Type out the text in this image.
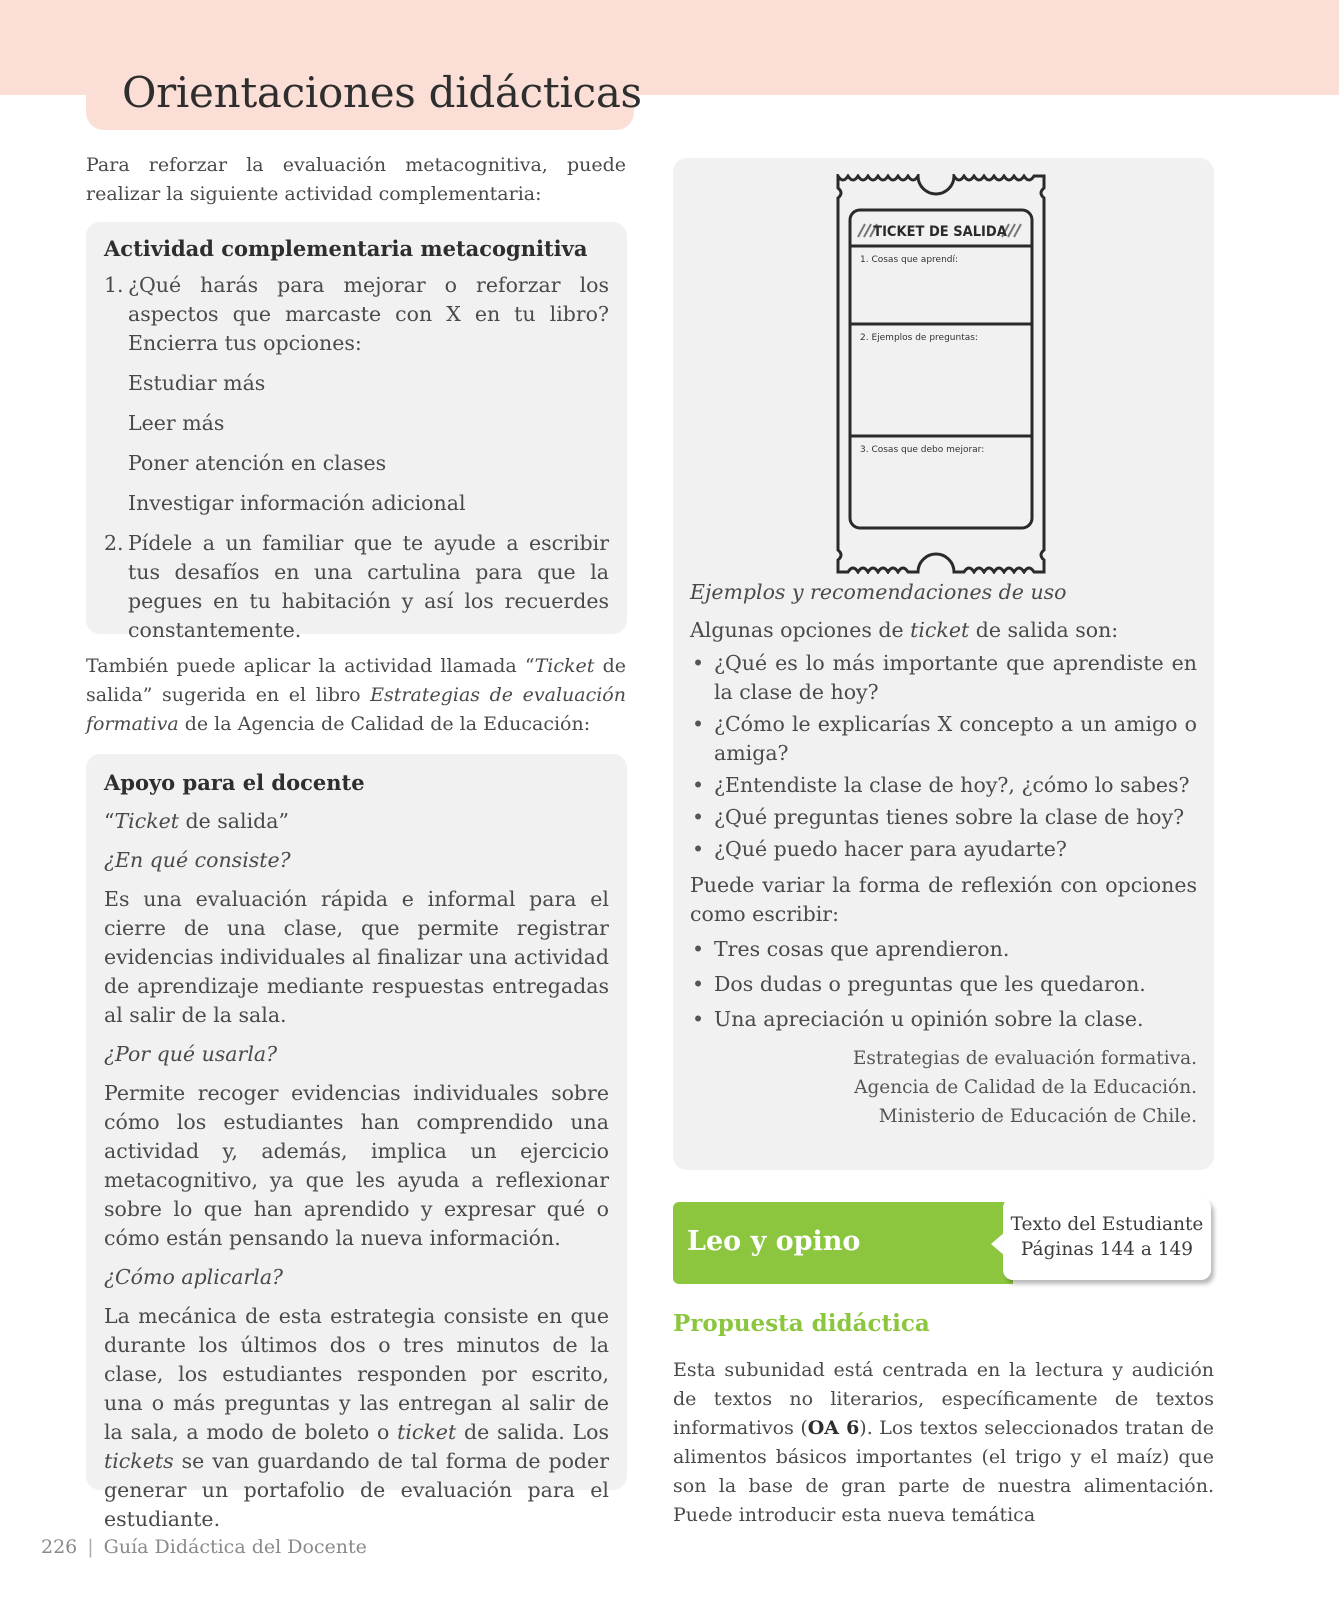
Orientaciones didácticas

Para reforzar la evaluación metacognitiva, puede realizar la siguiente actividad complementaria:

Actividad complementaria metacognitiva
1. ¿Qué harás para mejorar o reforzar los aspectos que marcaste con X en tu libro? Encierra tus opciones:
Estudiar más
Leer más
Poner atención en clases
Investigar información adicional
2. Pídele a un familiar que te ayude a escribir tus desafíos en una cartulina para que la pegues en tu habitación y así los recuerdes constantemente.

También puede aplicar la actividad llamada “Ticket de salida” sugerida en el libro Estrategias de evaluación formativa de la Agencia de Calidad de la Educación:

Apoyo para el docente
“Ticket de salida”
¿En qué consiste?
Es una evaluación rápida e informal para el cierre de una clase, que permite registrar evidencias individuales al finalizar una actividad de aprendizaje mediante respuestas entregadas al salir de la sala.
¿Por qué usarla?
Permite recoger evidencias individuales sobre cómo los estudiantes han comprendido una actividad y, además, implica un ejercicio metacognitivo, ya que les ayuda a reflexionar sobre lo que han aprendido y expresar qué o cómo están pensando la nueva información.
¿Cómo aplicarla?
La mecánica de esta estrategia consiste en que durante los últimos dos o tres minutos de la clase, los estudiantes responden por escrito, una o más preguntas y las entregan al salir de la sala, a modo de boleto o ticket de salida. Los tickets se van guardando de tal forma de poder generar un portafolio de evaluación para el estudiante.
TICKET DE SALIDA
1. Cosas que aprendí:
2. Ejemplos de preguntas:
3. Cosas que debo mejorar:
Ejemplos y recomendaciones de uso
Algunas opciones de ticket de salida son:
• ¿Qué es lo más importante que aprendiste en la clase de hoy?
• ¿Cómo le explicarías X concepto a un amigo o amiga?
• ¿Entendiste la clase de hoy?, ¿cómo lo sabes?
• ¿Qué preguntas tienes sobre la clase de hoy?
• ¿Qué puedo hacer para ayudarte?
Puede variar la forma de reflexión con opciones como escribir:
• Tres cosas que aprendieron.
• Dos dudas o preguntas que les quedaron.
• Una apreciación u opinión sobre la clase.
Estrategias de evaluación formativa.
Agencia de Calidad de la Educación.
Ministerio de Educación de Chile.
Leo y opino
Texto del Estudiante
Páginas 144 a 149
Propuesta didáctica

Esta subunidad está centrada en la lectura y audición de textos no literarios, específicamente de textos informativos (OA 6). Los textos seleccionados tratan de alimentos básicos importantes (el trigo y el maíz) que son la base de gran parte de nuestra alimentación. Puede introducir esta nueva temática

226 | Guía Didáctica del Docente
